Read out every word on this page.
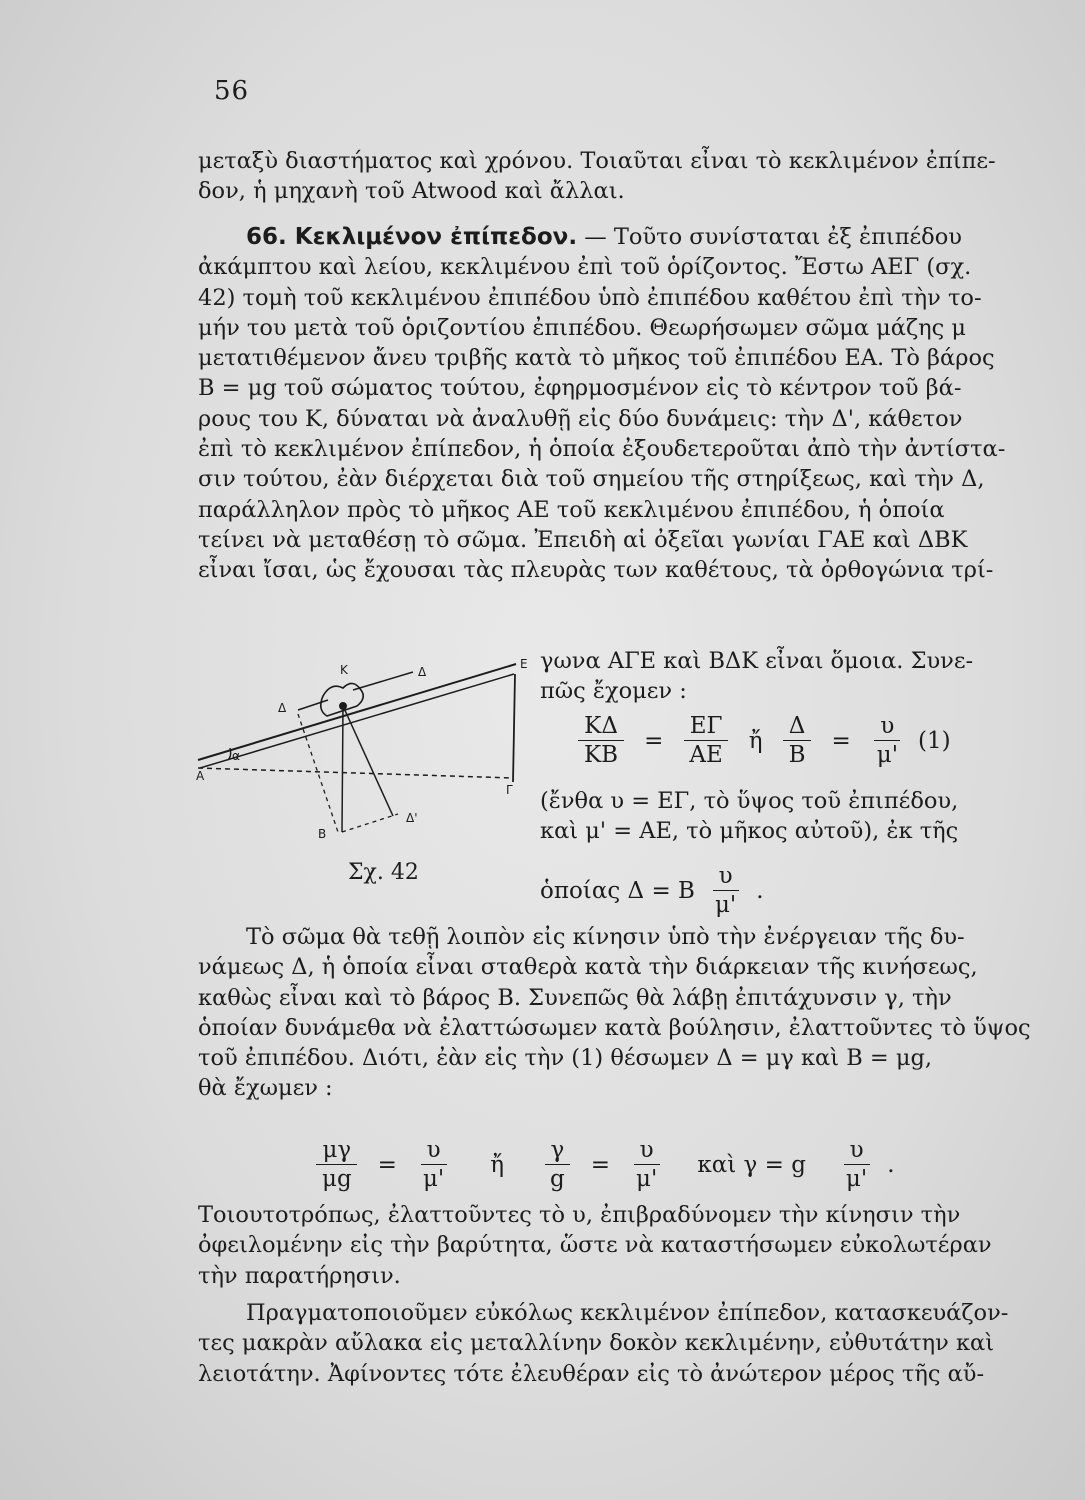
56
μεταξὺ διαστήματος καὶ χρόνου. Τοιαῦται εἶναι τὸ κεκλιμένον ἐπίπε-
δον, ἡ μηχανὴ τοῦ Atwood καὶ ἄλλαι.
66. Κεκλιμένον ἐπίπεδον. — Τοῦτο συνίσταται ἐξ ἐπιπέδου
ἀκάμπτου καὶ λείου, κεκλιμένου ἐπὶ τοῦ ὁρίζοντος. Ἔστω ΑΕΓ (σχ.
42) τομὴ τοῦ κεκλιμένου ἐπιπέδου ὑπὸ ἐπιπέδου καθέτου ἐπὶ τὴν το-
μήν του μετὰ τοῦ ὁριζοντίου ἐπιπέδου. Θεωρήσωμεν σῶμα μάζης μ
μετατιθέμενον ἄνευ τριβῆς κατὰ τὸ μῆκος τοῦ ἐπιπέδου ΕΑ. Τὸ βάρος
Β = μg τοῦ σώματος τούτου, ἐφηρμοσμένον εἰς τὸ κέντρον τοῦ βά-
ρους του Κ, δύναται νὰ ἀναλυθῇ εἰς δύο δυνάμεις: τὴν Δ', κάθετον
ἐπὶ τὸ κεκλιμένον ἐπίπεδον, ἡ ὁποία ἐξουδετεροῦται ἀπὸ τὴν ἀντίστα-
σιν τούτου, ἐὰν διέρχεται διὰ τοῦ σημείου τῆς στηρίξεως, καὶ τὴν Δ,
παράλληλον πρὸς τὸ μῆκος ΑΕ τοῦ κεκλιμένου ἐπιπέδου, ἡ ὁποία
τείνει νὰ μεταθέσῃ τὸ σῶμα. Ἐπειδὴ αἱ ὀξεῖαι γωνίαι ΓΑΕ καὶ ΔΒΚ
εἶναι ἴσαι, ὡς ἔχουσαι τὰς πλευρὰς των καθέτους, τὰ ὀρθογώνια τρί-
Κ	Δ
Δ
Α
α
Γ
Ε
Β
Δ'
Σχ. 42
γωνα ΑΓΕ καὶ ΒΔΚ εἶναι ὅμοια. Συνε-
πῶς ἔχομεν :
$\frac{K\Delta}{KB} = \frac{E\Gamma}{AE}$ ἤ $\frac{\Delta}{B} = \frac{\upsilon}{\mu'} (1)$
(ἔνθα υ = ΕΓ, τὸ ὕψος τοῦ ἐπιπέδου,
καὶ μ' = ΑΕ, τὸ μῆκος αὐτοῦ), ἐκ τῆς
ὁποίας Δ = Β $\frac{\upsilon}{\mu'}$ .
Τὸ σῶμα θὰ τεθῇ λοιπὸν εἰς κίνησιν ὑπὸ τὴν ἐνέργειαν τῆς δυ-
νάμεως Δ, ἡ ὁποία εἶναι σταθερὰ κατὰ τὴν διάρκειαν τῆς κινήσεως,
καθὼς εἶναι καὶ τὸ βάρος Β. Συνεπῶς θὰ λάβῃ ἐπιτάχυνσιν γ, τὴν
ὁποίαν δυνάμεθα νὰ ἐλαττώσωμεν κατὰ βούλησιν, ἐλαττοῦντες τὸ ὕψος
τοῦ ἐπιπέδου. Διότι, ἐὰν εἰς τὴν (1) θέσωμεν Δ = μγ καὶ Β = μg,
θὰ ἔχωμεν :
$\frac{\mu\gamma}{\mu g} = \frac{\upsilon}{\mu'}$	ἤ	$\frac{\gamma}{g} = \frac{\upsilon}{\mu'}$	καὶ γ = g	$\frac{\upsilon}{\mu'}$ .
Τοιουτοτρόπως, ἐλαττοῦντες τὸ υ, ἐπιβραδύνομεν τὴν κίνησιν τὴν
ὀφειλομένην εἰς τὴν βαρύτητα, ὥστε νὰ καταστήσωμεν εὐκολωτέραν
τὴν παρατήρησιν.
Πραγματοποιοῦμεν εὐκόλως κεκλιμένον ἐπίπεδον, κατασκευάζον-
τες μακρὰν αὔλακα εἰς μεταλλίνην δοκὸν κεκλιμένην, εὐθυτάτην καὶ
λειοτάτην. Ἀφίνοντες τότε ἐλευθέραν εἰς τὸ ἀνώτερον μέρος τῆς αὔ-
